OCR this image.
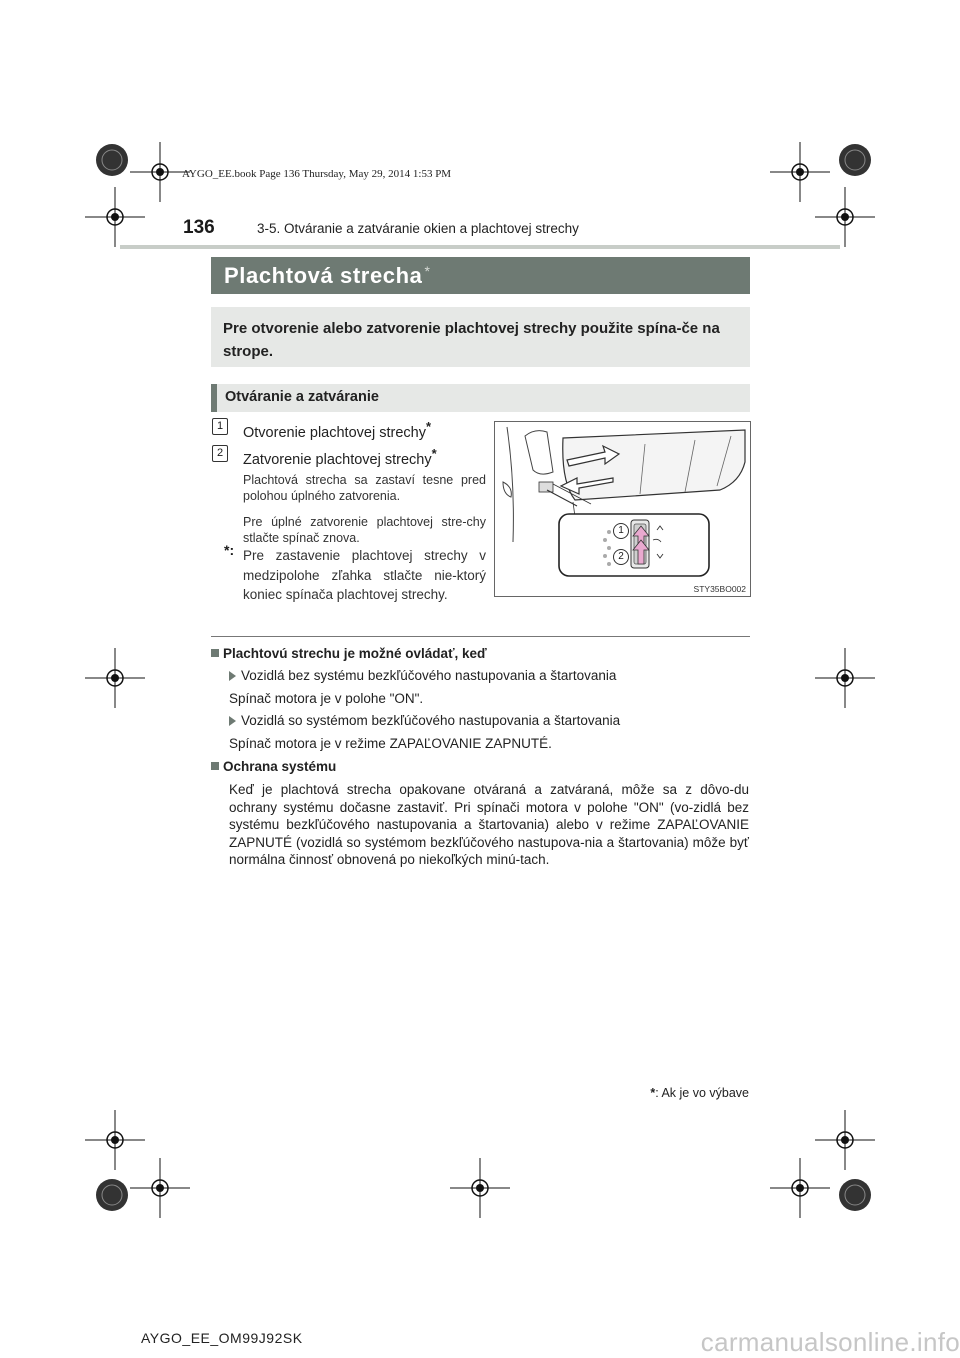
AYGO_EE.book Page 136 Thursday, May 29, 2014 1:53 PM
136	3-5. Otváranie a zatváranie okien a plachtovej strechy
Plachtová strecha *
Pre otvorenie alebo zatvorenie plachtovej strechy použite spína-če na strope.
Otváranie a zatváranie
1	Otvorenie plachtovej strechy*
2	Zatvorenie plachtovej strechy*
Plachtová strecha sa zastaví tesne pred polohou úplného zatvorenia.
Pre úplné zatvorenie plachtovej stre-chy stlačte spínač znova.
*: Pre zastavenie plachtovej strechy v medzipolohe zľahka stlačte nie-ktorý koniec spínača plachtovej strechy.
1
2
STY35BO002
Plachtovú strechu je možné ovládať, keď
Vozidlá bez systému bezkľúčového nastupovania a štartovania
Spínač motora je v polohe "ON".
Vozidlá so systémom bezkľúčového nastupovania a štartovania
Spínač motora je v režime ZAPAĽOVANIE ZAPNUTÉ.
Ochrana systému
Keď je plachtová strecha opakovane otváraná a zatváraná, môže sa z dôvo-du ochrany systému dočasne zastaviť. Pri spínači motora v polohe "ON" (vo-zidlá bez systému bezkľúčového nastupovania a štartovania) alebo v režime ZAPAĽOVANIE ZAPNUTÉ (vozidlá so systémom bezkľúčového nastupova-nia a štartovania) môže byť normálna činnosť obnovená po niekoľkých minú-tach.
*: Ak je vo výbave
AYGO_EE_OM99J92SK	carmanualsonline.info
